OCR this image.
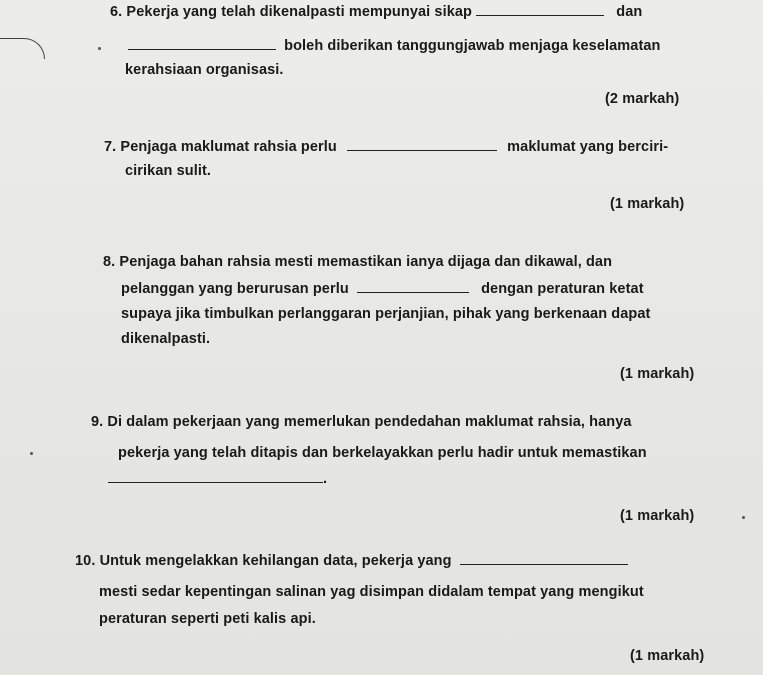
6. Pekerja yang telah dikenalpasti mempunyai sikap	dan
boleh diberikan tanggungjawab menjaga keselamatan
kerahsiaan organisasi.
(2 markah)
7. Penjaga maklumat rahsia perlu	maklumat yang berciri-
cirikan sulit.
(1 markah)
8. Penjaga bahan rahsia mesti memastikan ianya dijaga dan dikawal, dan
pelanggan yang berurusan perlu	dengan peraturan ketat
supaya jika timbulkan perlanggaran perjanjian, pihak yang berkenaan dapat
dikenalpasti.
(1 markah)
9. Di dalam pekerjaan yang memerlukan pendedahan maklumat rahsia, hanya
pekerja yang telah ditapis dan berkelayakkan perlu hadir untuk memastikan
.
(1 markah)
10. Untuk mengelakkan kehilangan data, pekerja yang
mesti sedar kepentingan salinan yag disimpan didalam tempat yang mengikut
peraturan seperti peti kalis api.
(1 markah)
